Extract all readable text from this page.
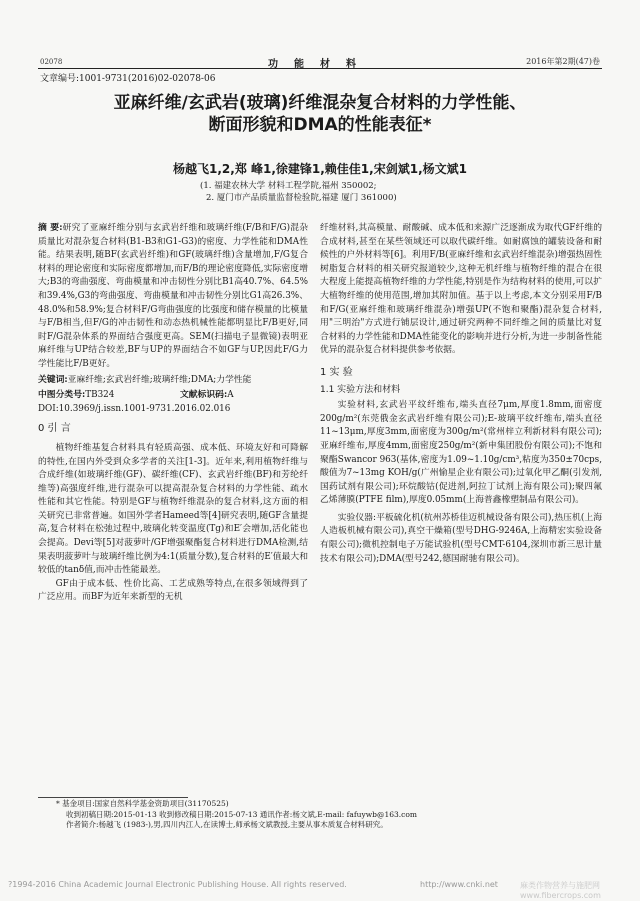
02078	功能材料	2016年第2期(47)卷
文章编号:1001-9731(2016)02-02078-06
亚麻纤维/玄武岩(玻璃)纤维混杂复合材料的力学性能、
断面形貌和DMA的性能表征*
杨越飞1,2,郑 峰1,徐建锋1,赖佳佳1,宋剑斌1,杨文斌1
(1. 福建农林大学 材料工程学院,福州 350002;
2. 厦门市产品质量监督检验院,福建 厦门 361000)

摘 要:研究了亚麻纤维分别与玄武岩纤维和玻璃纤维(F/B和F/G)混杂质量比对混杂复合材料(B1-B3和G1-G3)的密度、力学性能和DMA性能。结果表明,随BF(玄武岩纤维)和GF(玻璃纤维)含量增加,F/G复合材料的理论密度和实际密度都增加,而F/B的理论密度降低,实际密度增大;B3的弯曲强度、弯曲模量和冲击韧性分别比B1高40.7%、64.5%和39.4%,G3的弯曲强度、弯曲模量和冲击韧性分别比G1高26.3%、48.0%和58.9%;复合材料F/G弯曲强度的比强度和储存模量的比模量与F/B相当,但F/G的冲击韧性和动态热机械性能都明显比F/B更好,同时F/G混杂体系的界面结合强度更高。SEM(扫描电子显微镜)表明亚麻纤维与UP结合较差,BF与UP的界面结合不如GF与UP,因此F/G力学性能比F/B更好。

关键词:亚麻纤维;玄武岩纤维;玻璃纤维;DMA;力学性能

中图分类号:TB324	文献标识码:A

DOI:10.3969/j.issn.1001-9731.2016.02.016

0 引 言

植物纤维基复合材料具有轻质高强、成本低、环境友好和可降解的特性,在国内外受到众多学者的关注[1-3]。近年来,利用植物纤维与合成纤维(如玻璃纤维(GF)、碳纤维(CF)、玄武岩纤维(BF)和芳纶纤维等)高强度纤维,进行混杂可以提高混杂复合材料的力学性能、疏水性能和其它性能。特别是GF与植物纤维混杂的复合材料,这方面的相关研究已非常普遍。如国外学者Hameed等[4]研究表明,随GF含量提高,复合材料在松弛过程中,玻璃化转变温度(Tg)和E′会增加,活化能也会提高。Devi等[5]对菠萝叶/GF增强聚酯复合材料进行DMA检测,结果表明菠萝叶与玻璃纤维比例为4:1(质量分数),复合材料的E′值最大和较低的tanδ值,而冲击性能最差。

GF由于成本低、性价比高、工艺成熟等特点,在很多领域得到了广泛应用。而BF为近年来新型的无机

纤维材料,其高模量、耐酸碱、成本低和来源广泛逐渐成为取代GF纤维的合成材料,甚至在某些领域还可以取代碳纤维。如耐腐蚀的罐装设备和耐候性的户外材料等[6]。利用F/B(亚麻纤维和玄武岩纤维混杂)增强热固性树脂复合材料的相关研究报道较少,这种无机纤维与植物纤维的混合在很大程度上能提高植物纤维的力学性能,特别是作为结构材料的使用,可以扩大植物纤维的使用范围,增加其附加值。基于以上考虑,本文分别采用F/B和F/G(亚麻纤维和玻璃纤维混杂)增强UP(不饱和聚酯)混杂复合材料,用"三明治"方式进行铺层设计,通过研究两种不同纤维之间的质量比对复合材料的力学性能和DMA性能变化的影响并进行分析,为进一步制备性能优异的混杂复合材料提供参考依据。

1 实 验

1.1 实验方法和材料

实验材料,玄武岩平纹纤维布,端头直径7μm,厚度1.8mm,面密度200g/m²(东莞俄金玄武岩纤维有限公司);E-玻璃平纹纤维布,端头直径11~13μm,厚度3mm,面密度为300g/m²(常州梓立利新材料有限公司);亚麻纤维布,厚度4mm,面密度250g/m²(新申集团股份有限公司);不饱和聚酯Swancor 963(基体,密度为1.09~1.10g/cm³,粘度为350±70cps,酸值为7~13mg KOH/g(广州愉星企业有限公司);过氧化甲乙酮(引发剂,国药试剂有限公司);环烷酸钴(促进剂,阿拉丁试剂上海有限公司);聚四氟乙烯薄膜(PTFE film),厚度0.05mm(上海普鑫橡塑制品有限公司)。

实验仪器:平板硫化机(杭州苏桥佳迈机械设备有限公司),热压机(上海人造板机械有限公司),真空干燥箱(型号DHG-9246A,上海精宏实验设备有限公司);微机控制电子万能试验机(型号CMT-6104,深圳市新三思计量技术有限公司);DMA(型号242,德国耐驰有限公司)。

* 基金项目:国家自然科学基金资助项目(31170525)
收到初稿日期:2015-01-13 收到修改稿日期:2015-07-13 通讯作者:杨文斌,E-mail: fafuywb@163.com
作者简介:杨越飞 (1983-),男,四川内江人,在读博士,师承杨文斌教授,主要从事木质复合材料研究。
?1994-2016 China Academic Journal Electronic Publishing House. All rights reserved.	http://www.cnki.net	麻类作物营养与施肥网 www.fibercrops.com
